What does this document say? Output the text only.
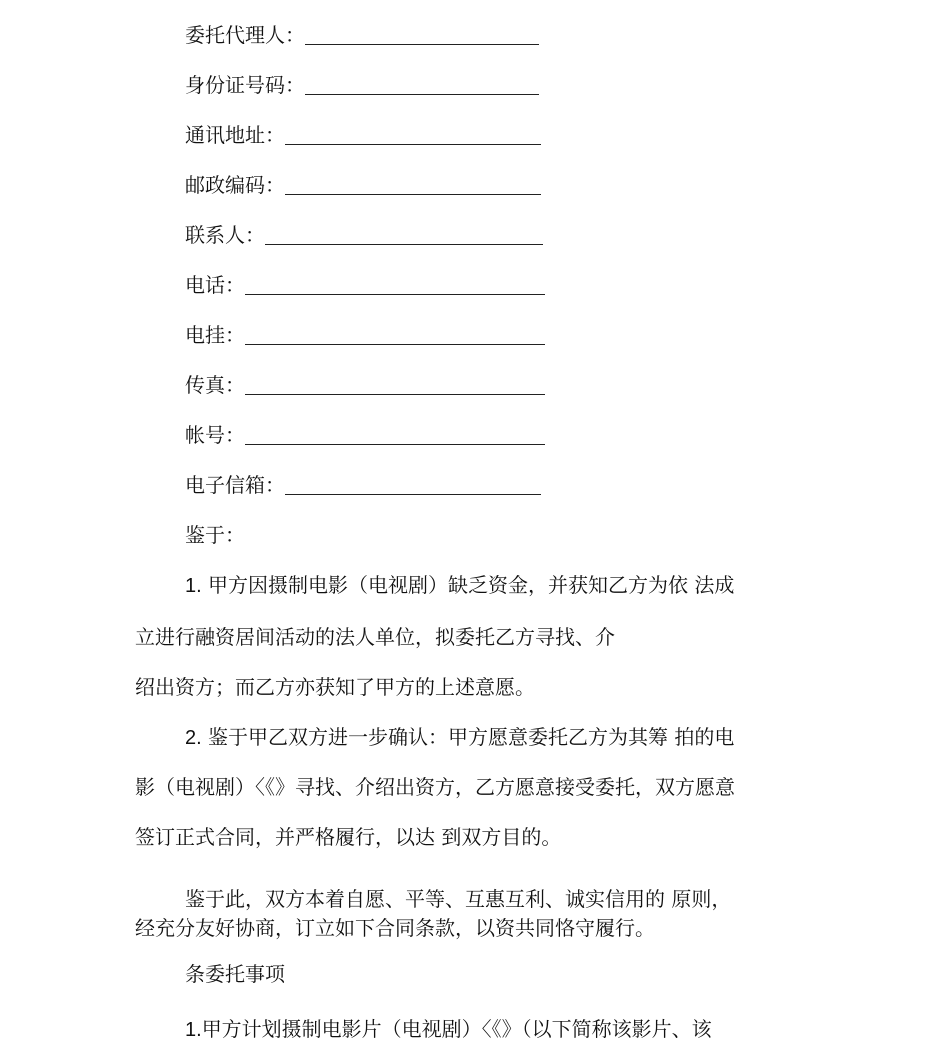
委托代理人：
身份证号码：
通讯地址：
邮政编码：
联系人：
电话：
电挂：
传真：
帐号：
电子信箱：
鉴于：
1. 甲方因摄制电影（电视剧）缺乏资金，并获知乙方为依 法成
立进行融资居间活动的法人单位，拟委托乙方寻找、介
绍出资方；而乙方亦获知了甲方的上述意愿。
2. 鉴于甲乙双方进一步确认：甲方愿意委托乙方为其筹 拍的电
影（电视剧）〈《》寻找、介绍出资方，乙方愿意接受委托，双方愿意
签订正式合同，并严格履行，以达 到双方目的。
鉴于此，双方本着自愿、平等、互惠互利、诚实信用的 原则，
经充分友好协商，订立如下合同条款，以资共同恪守履行。
条委托事项
1.甲方计划摄制电影片（电视剧）〈《》（以下简称该影片、该
